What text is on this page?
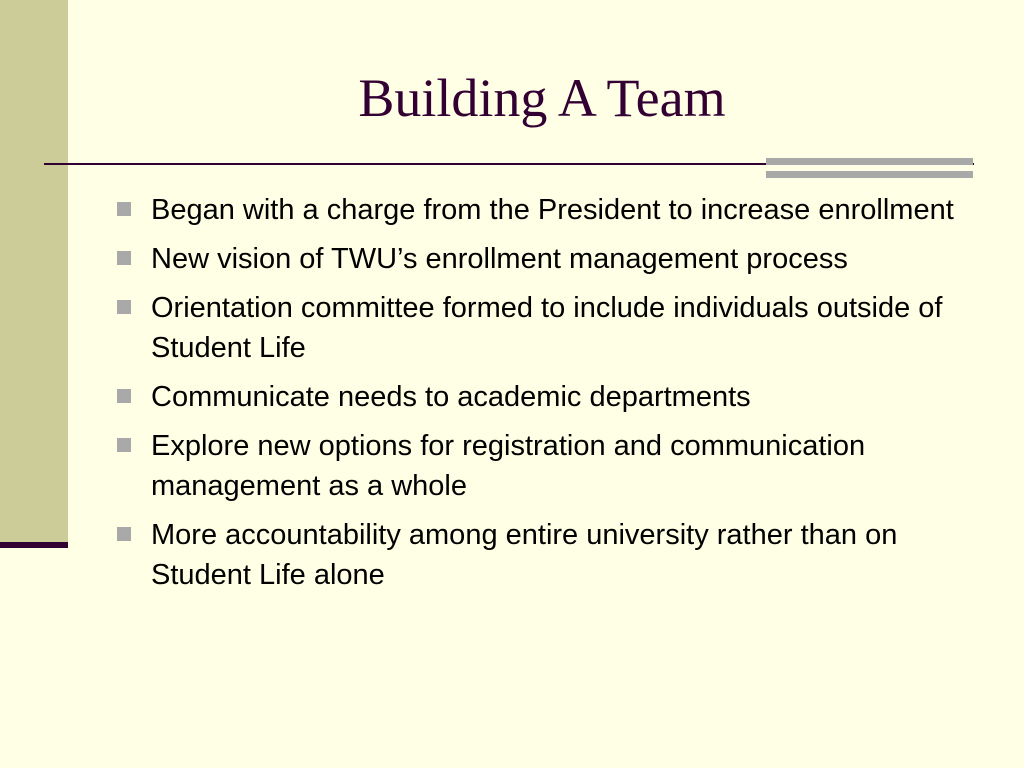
Building A Team
Began with a charge from the President to increase enrollment
New vision of TWU’s enrollment management process
Orientation committee formed to include individuals outside of Student Life
Communicate needs to academic departments
Explore new options for registration and communication management as a whole
More accountability among entire university rather than on Student Life alone
